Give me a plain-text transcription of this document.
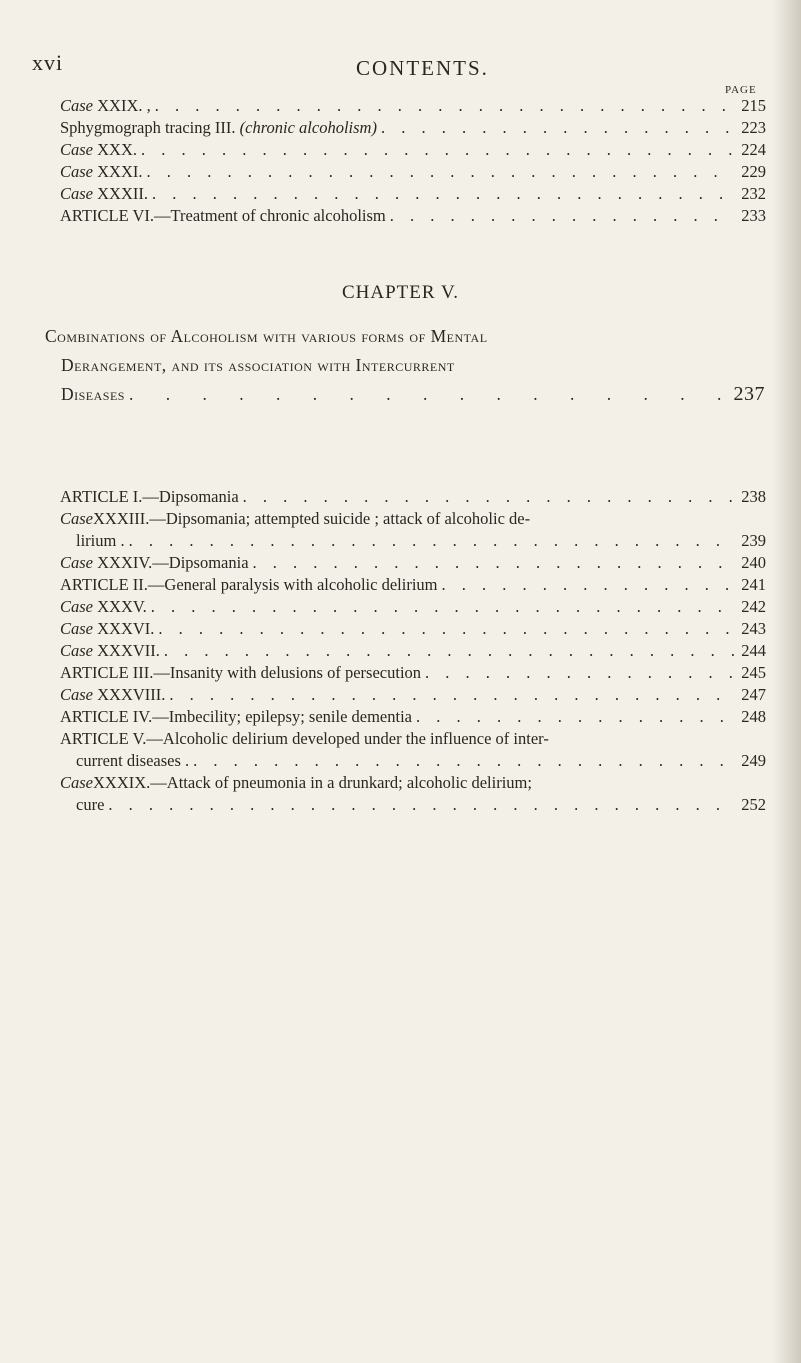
xvi	CONTENTS.
PAGE
Case XXIX. , . . .	215
Sphygmograph tracing III. (chronic alcoholism) . . .	223
Case XXX. . . .	224
Case XXXI. . . .	229
Case XXXII. . . .	232
ARTICLE VI.—Treatment of chronic alcoholism . . .	233
CHAPTER V.
Combinations of Alcoholism with various forms of Mental
Derangement, and its association with Intercurrent
Diseases . . .	237
ARTICLE I.—Dipsomania . . .	238
Case XXXIII.—Dipsomania; attempted suicide ; attack of alcoholic de-
lirium . . . .	239
Case XXXIV.—Dipsomania . . .	240
ARTICLE II.—General paralysis with alcoholic delirium . . .	241
Case XXXV. . . .	242
Case XXXVI. . . .	243
Case XXXVII. . . .	244
ARTICLE III.—Insanity with delusions of persecution . . .	245
Case XXXVIII. . . .	247
ARTICLE IV.—Imbecility; epilepsy; senile dementia . . .	248
ARTICLE V.—Alcoholic delirium developed under the influence of inter-
current diseases . . . .	249
Case XXXIX.—Attack of pneumonia in a drunkard; alcoholic delirium;
cure . . .	252
